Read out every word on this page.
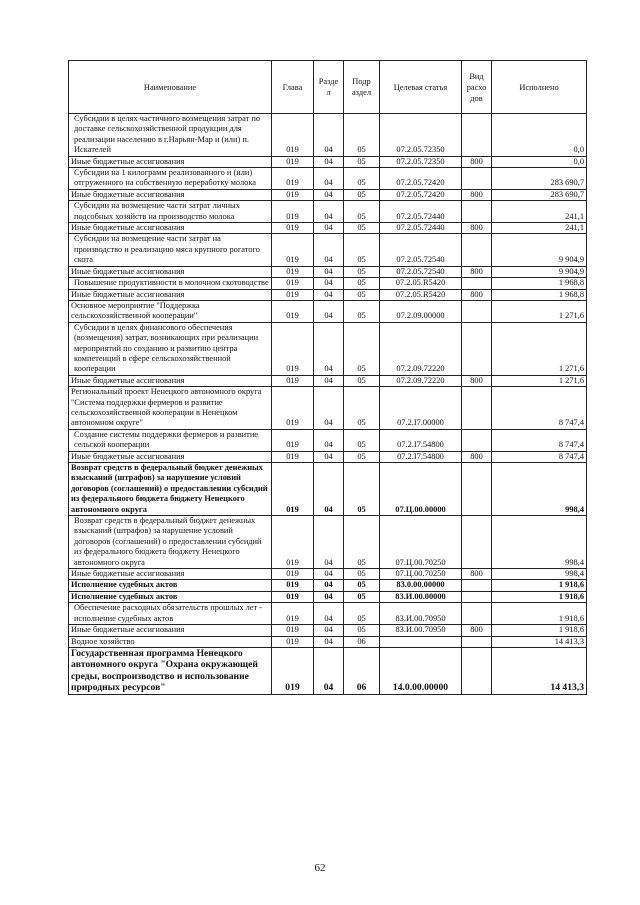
Наименование	Глава	Разде л	Подр аздел	Целевая статья	Вид расхо дов	Исполнено
Субсидии в целях частичного возмещения затрат по доставке сельскохозяйственной продукции для реализации населению в г.Нарьян-Мар и (или) п. Искателей	019	04	05	07.2.05.72350		0,0
Иные бюджетные ассигнования	019	04	05	07.2.05.72350	800	0,0
Субсидии на 1 килограмм реализованного и (или) отгруженного на собственную переработку молока	019	04	05	07.2.05.72420		283 690,7
Иные бюджетные ассигнования	019	04	05	07.2.05.72420	800	283 690,7
Субсидии на возмещение части затрат личных подсобных хозяйств на производство молока	019	04	05	07.2.05.72440		241,1
Иные бюджетные ассигнования	019	04	05	07.2.05.72440	800	241,1
Субсидии на возмещение части затрат на производство и реализацию мяса крупного рогатого скота	019	04	05	07.2.05.72540		9 904,9
Иные бюджетные ассигнования	019	04	05	07.2.05.72540	800	9 904,9
Повышение продуктивности в молочном скотоводстве	019	04	05	07.2.05.R5420		1 968,8
Иные бюджетные ассигнования	019	04	05	07.2.05.R5420	800	1 968,8
Основное мероприятие "Поддержка сельскохозяйственной кооперации"	019	04	05	07.2.09.00000		1 271,6
Субсидии в целях финансового обеспечения (возмещения) затрат, возникающих при реализации мероприятий по созданию и развитию центра компетенций в сфере сельскохозяйственной кооперации	019	04	05	07.2.09.72220		1 271,6
Иные бюджетные ассигнования	019	04	05	07.2.09.72220	800	1 271,6
Региональный проект Ненецкого автономного округа "Система поддержки фермеров и развитие сельскохозяйственной кооперации в Ненецком автономном округе"	019	04	05	07.2.I7.00000		8 747,4
Создание системы поддержки фермеров и развитие сельской кооперации	019	04	05	07.2.I7.54800		8 747,4
Иные бюджетные ассигнования	019	04	05	07.2.I7.54800	800	8 747,4
Возврат средств в федеральный бюджет денежных взысканий (штрафов) за нарушение условий договоров (соглашений) о предоставлении субсидий из федерального бюджета бюджету Ненецкого автономного округа	019	04	05	07.Ц.00.00000		998,4
Возврат средств в федеральный бюджет денежных взысканий (штрафов) за нарушение условий договоров (соглашений) о предоставлении субсидий из федерального бюджета бюджету Ненецкого автономного округа	019	04	05	07.Ц.00.70250		998,4
Иные бюджетные ассигнования	019	04	05	07.Ц.00.70250	800	998,4
Исполнение судебных актов	019	04	05	83.0.00.00000		1 918,6
Исполнение судебных актов	019	04	05	83.И.00.00000		1 918,6
Обеспечение расходных обязательств прошлых лет - исполнение судебных актов	019	04	05	83.И.00.70950		1 918,6
Иные бюджетные ассигнования	019	04	05	83.И.00.70950	800	1 918,6
Водное хозяйство	019	04	06			14 413,3
Государственная программа Ненецкого автономного округа "Охрана окружающей среды, воспроизводство и использование природных ресурсов"	019	04	06	14.0.00.00000		14 413,3
62
